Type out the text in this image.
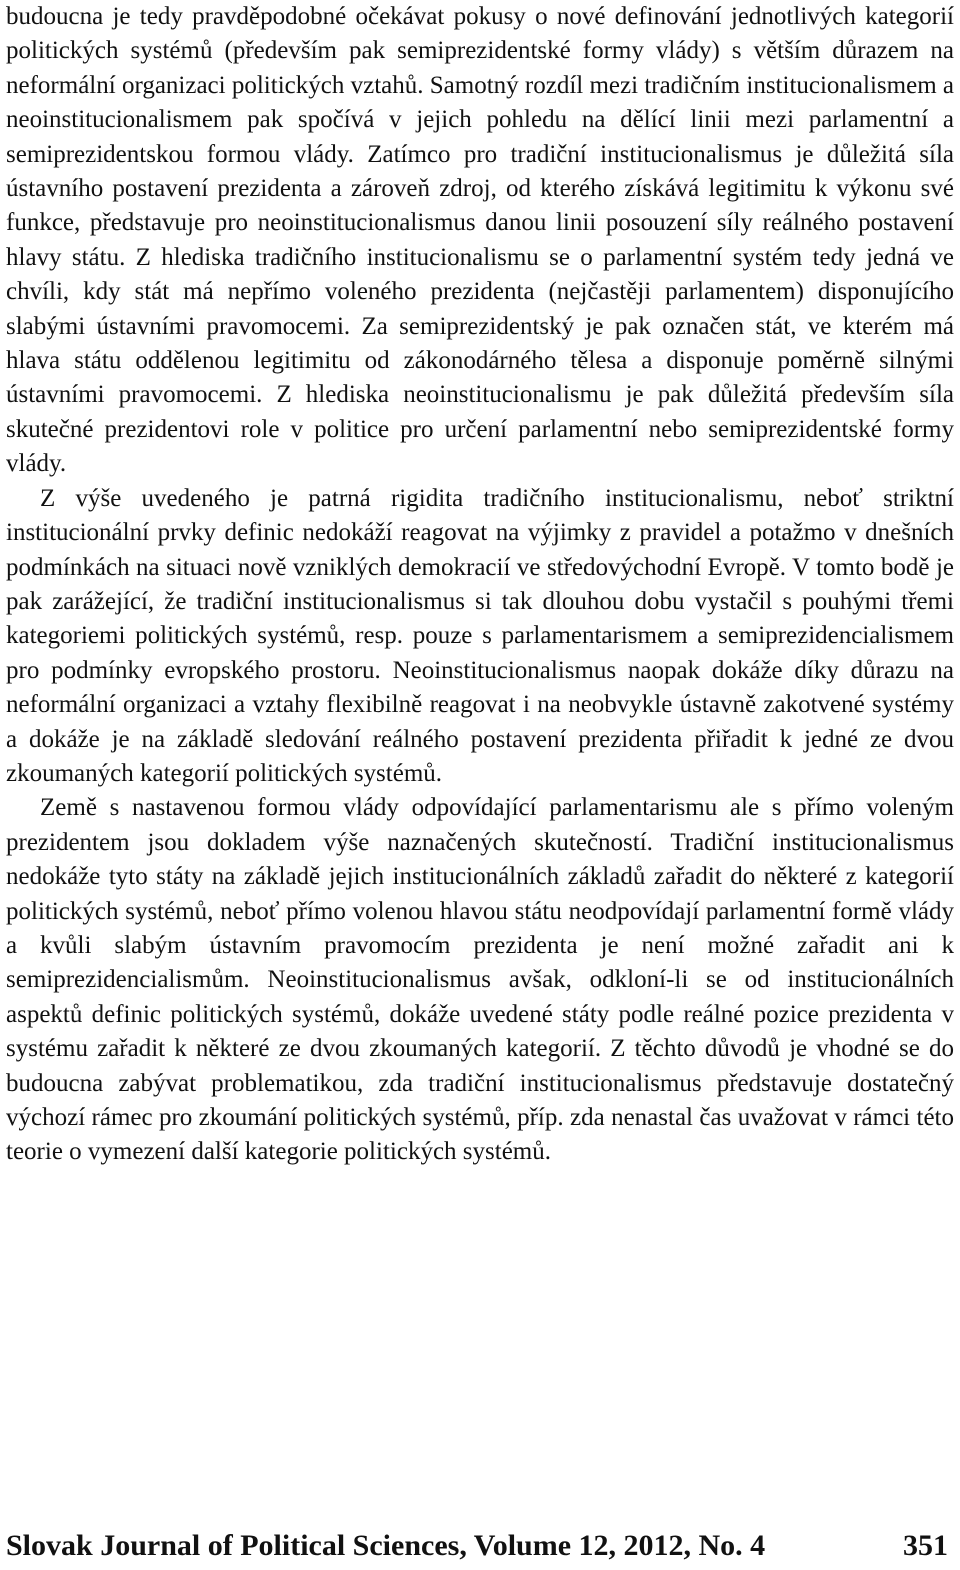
budoucna je tedy pravděpodobné očekávat pokusy o nové definování jednotlivých kategorií politických systémů (především pak semiprezidentské formy vlády) s větším důrazem na neformální organizaci politických vztahů. Samotný rozdíl mezi tradičním institucionalismem a neoinstitucionalismem pak spočívá v jejich pohledu na dělící linii mezi parlamentní a semiprezidentskou formou vlády. Zatímco pro tradiční institucionalismus je důležitá síla ústavního postavení prezidenta a zároveň zdroj, od kterého získává legitimitu k výkonu své funkce, představuje pro neoinstitucionalismus danou linii posouzení síly reálného postavení hlavy státu. Z hlediska tradičního institucionalismu se o parlamentní systém tedy jedná ve chvíli, kdy stát má nepřímo voleného prezidenta (nejčastěji parlamentem) disponujícího slabými ústavními pravomocemi. Za semiprezidentský je pak označen stát, ve kterém má hlava státu oddělenou legitimitu od zákonodárného tělesa a disponuje poměrně silnými ústavními pravomocemi. Z hlediska neoinstitucionalismu je pak důležitá především síla skutečné prezidentovi role v politice pro určení parlamentní nebo semiprezidentské formy vlády.

Z výše uvedeného je patrná rigidita tradičního institucionalismu, neboť striktní institucionální prvky definic nedokáží reagovat na výjimky z pravidel a potažmo v dnešních podmínkách na situaci nově vzniklých demokracií ve středovýchodní Evropě. V tomto bodě je pak zarážející, že tradiční institucionalismus si tak dlouhou dobu vystačil s pouhými třemi kategoriemi politických systémů, resp. pouze s parlamentarismem a semiprezidencialismem pro podmínky evropského prostoru. Neoinstitucionalismus naopak dokáže díky důrazu na neformální organizaci a vztahy flexibilně reagovat i na neobvykle ústavně zakotvené systémy a dokáže je na základě sledování reálného postavení prezidenta přiřadit k jedné ze dvou zkoumaných kategorií politických systémů.

Země s nastavenou formou vlády odpovídající parlamentarismu ale s přímo voleným prezidentem jsou dokladem výše naznačených skutečností. Tradiční institucionalismus nedokáže tyto státy na základě jejich institucionálních základů zařadit do některé z kategorií politických systémů, neboť přímo volenou hlavou státu neodpovídají parlamentní formě vlády a kvůli slabým ústavním pravomocím prezidenta je není možné zařadit ani k semiprezidencialismům. Neoinstitucionalismus avšak, odkloní-li se od institucionálních aspektů definic politických systémů, dokáže uvedené státy podle reálné pozice prezidenta v systému zařadit k některé ze dvou zkoumaných kategorií. Z těchto důvodů je vhodné se do budoucna zabývat problematikou, zda tradiční institucionalismus představuje dostatečný výchozí rámec pro zkoumání politických systémů, příp. zda nenastal čas uvažovat v rámci této teorie o vymezení další kategorie politických systémů.

Slovak Journal of Political Sciences, Volume 12, 2012, No. 4	351
